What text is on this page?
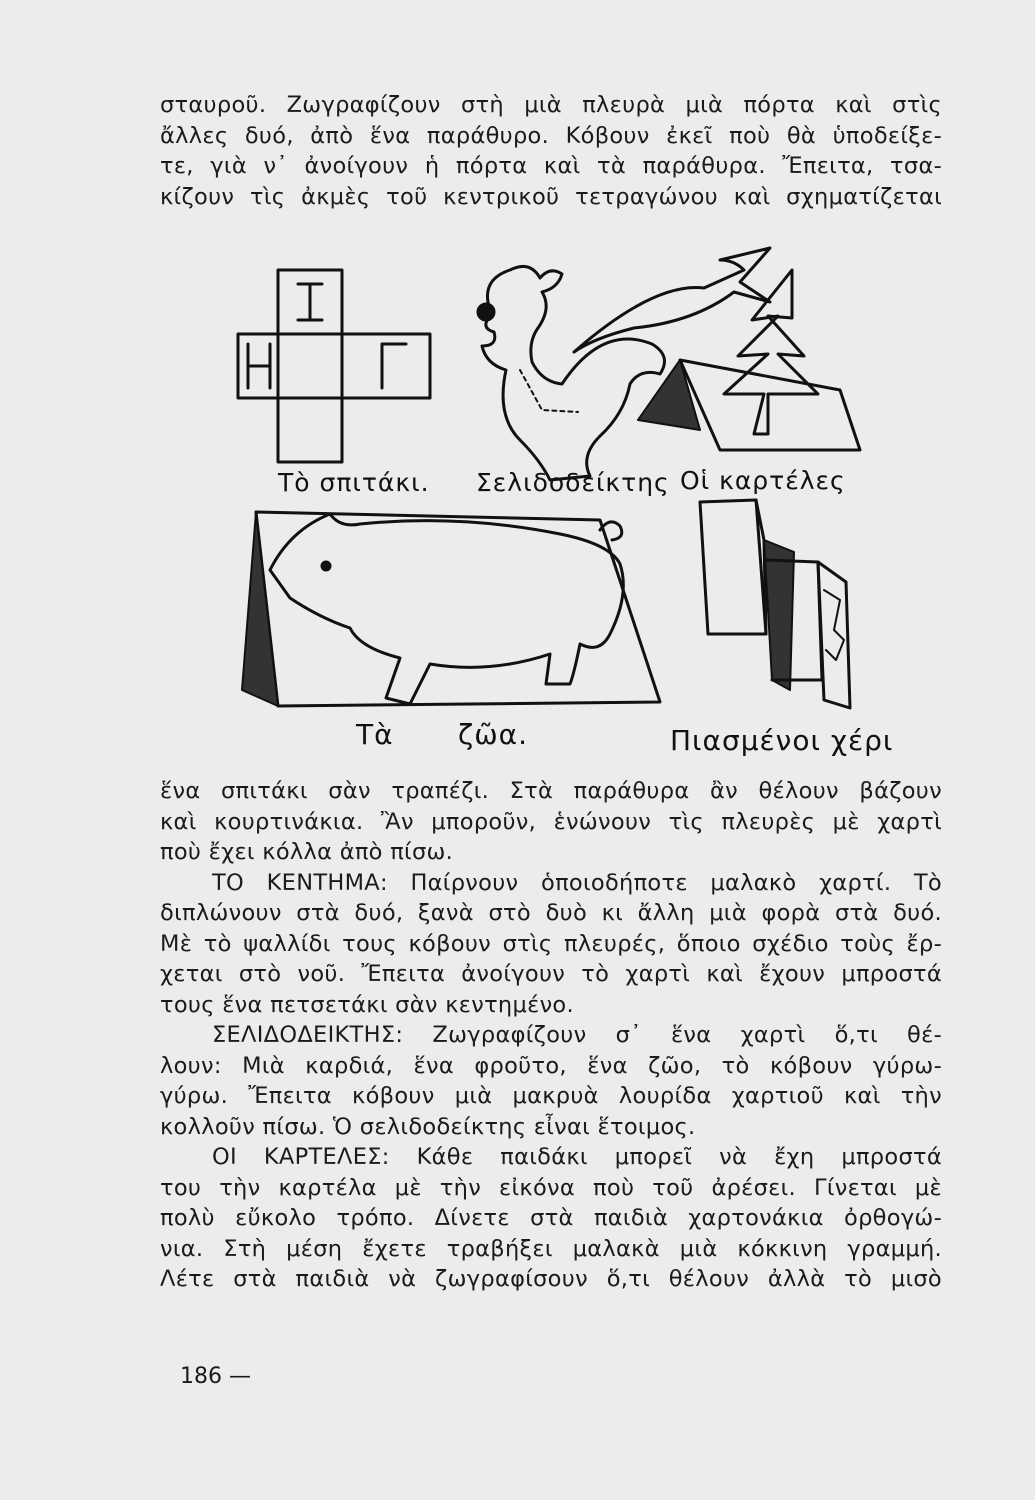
σταυροῦ. Ζωγραφίζουν στὴ μιὰ πλευρὰ μιὰ πόρτα καὶ στὶς
ἄλλες δυό, ἀπὸ ἕνα παράθυρο. Κόβουν ἐκεῖ ποὺ θὰ ὑποδείξε-
τε, γιὰ ν᾽ ἀνοίγουν ἡ πόρτα καὶ τὰ παράθυρα. Ἔπειτα, τσα-
κίζουν τὶς ἀκμὲς τοῦ κεντρικοῦ τετραγώνου καὶ σχηματίζεται
Τὸ σπιτάκι. Σελιδοδείκτης Οἱ καρτέλες
Τὰ ζῶα.	Πιασμένοι χέρι
ἕνα σπιτάκι σὰν τραπέζι. Στὰ παράθυρα ἂν θέλουν βάζουν
καὶ κουρτινάκια. Ἂν μποροῦν, ἑνώνουν τὶς πλευρὲς μὲ χαρτὶ
ποὺ ἔχει κόλλα ἀπὸ πίσω.
ΤΟ ΚΕΝΤΗΜΑ: Παίρνουν ὁποιοδήποτε μαλακὸ χαρτί. Τὸ
διπλώνουν στὰ δυό, ξανὰ στὸ δυὸ κι ἄλλη μιὰ φορὰ στὰ δυό.
Μὲ τὸ ψαλλίδι τους κόβουν στὶς πλευρές, ὅποιο σχέδιο τοὺς ἔρ-
χεται στὸ νοῦ. Ἔπειτα ἀνοίγουν τὸ χαρτὶ καὶ ἔχουν μπροστά
τους ἕνα πετσετάκι σὰν κεντημένο.
ΣΕΛΙΔΟΔΕΙΚΤΗΣ: Ζωγραφίζουν σ᾽ ἕνα χαρτὶ ὅ,τι θέ-
λουν: Μιὰ καρδιά, ἕνα φροῦτο, ἕνα ζῶο, τὸ κόβουν γύρω-
γύρω. Ἔπειτα κόβουν μιὰ μακρυὰ λουρίδα χαρτιοῦ καὶ τὴν
κολλοῦν πίσω. Ὁ σελιδοδείκτης εἶναι ἕτοιμος.
ΟΙ ΚΑΡΤΕΛΕΣ: Κάθε παιδάκι μπορεῖ νὰ ἔχη μπροστά
του τὴν καρτέλα μὲ τὴν εἰκόνα ποὺ τοῦ ἀρέσει. Γίνεται μὲ
πολὺ εὔκολο τρόπο. Δίνετε στὰ παιδιὰ χαρτονάκια ὀρθογώ-
νια. Στὴ μέση ἔχετε τραβήξει μαλακὰ μιὰ κόκκινη γραμμή.
Λέτε στὰ παιδιὰ νὰ ζωγραφίσουν ὅ,τι θέλουν ἀλλὰ τὸ μισὸ
186 —
